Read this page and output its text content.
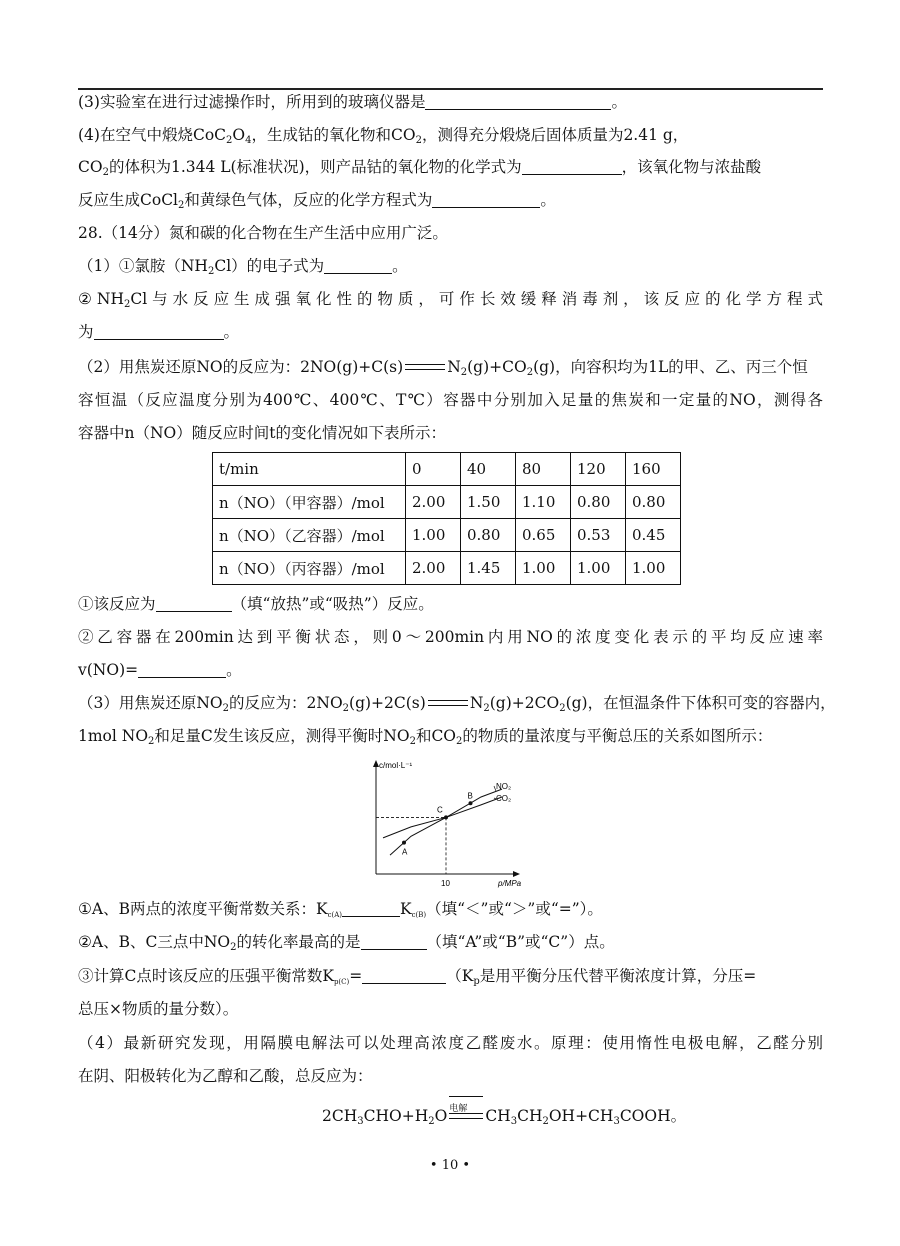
(3)实验室在进行过滤操作时，所用到的玻璃仪器是	。
(4)在空气中煅烧$CoC_2O_4$，生成钴的氧化物和$CO_2$，测得充分煅烧后固体质量为2.41 g，
$CO_2$的体积为1.344 L(标准状况)，则产品钴的氧化物的化学式为	，该氧化物与浓盐酸
反应生成CoCl$_2$和黄绿色气体，反应的化学方程式为	。
28.（14分）氮和碳的化合物在生产生活中应用广泛。
（1）①氯胺$(NH_2Cl)$的电子式为	。
$②NH_2Cl$与水反应生成强氧化性的物质，可作长效缓释消毒剂，该反应的化学方程式
为	。
（2）用焦炭还原NO的反应为：2NO(g)+C(s)	$N_2(g)+CO_2(g)$，向容积均为1L的甲、乙、丙三个恒
容恒温（反应温度分别为400℃、400℃、T℃）容器中分别加入足量的焦炭和一定量的NO，测得各
容器中n（NO）随反应时间t的变化情况如下表所示：
t/min	0	40	80	120	160
n（NO）（甲容器）/mol	2.00	1.50	1.10	0.80	0.80
n（NO）（乙容器）/mol	1.00	0.80	0.65	0.53	0.45
n（NO）（丙容器）/mol	2.00	1.45	1.00	1.00	1.00
①该反应为	（填“放热”或“吸热”）反应。
②乙容器在200min达到平衡状态，则0～200min内用NO的浓度变化表示的平均反应速率
v(NO)=	。
（3）用焦炭还原$NO_2$的反应为：$2NO_2(g)+2C(s)$	$N_2(g)+2CO_2(g)$，在恒温条件下体积可变的容器内，
1mol $NO_2$和足量C发生该反应，测得平衡时$NO_2$和$CO_2$的物质的量浓度与平衡总压的关系如图所示：
c/mol·L⁻¹
p/MPa
10
NO₂
CO₂
A
C
B
①A、B两点的浓度平衡常数关系：$K_{c(A)}$	$K_{c(B)}$（填“＜”或“＞”或“=”）。
②A、B、C三点中$NO_2$的转化率最高的是	（填“A”或“B”或“C”）点。
③计算C点时该反应的压强平衡常数$K_{p(C)}=$	（$K_p$是用平衡分压代替平衡浓度计算，分压=
总压×物质的量分数）。
（4）最新研究发现，用隔膜电解法可以处理高浓度乙醛废水。原理：使用惰性电极电解，乙醛分别
在阴、阳极转化为乙醇和乙酸，总反应为：
$2CH_3CHO+H_2O$ 电解	$CH_3CH_2OH+CH_3COOH$。
• 10 •
